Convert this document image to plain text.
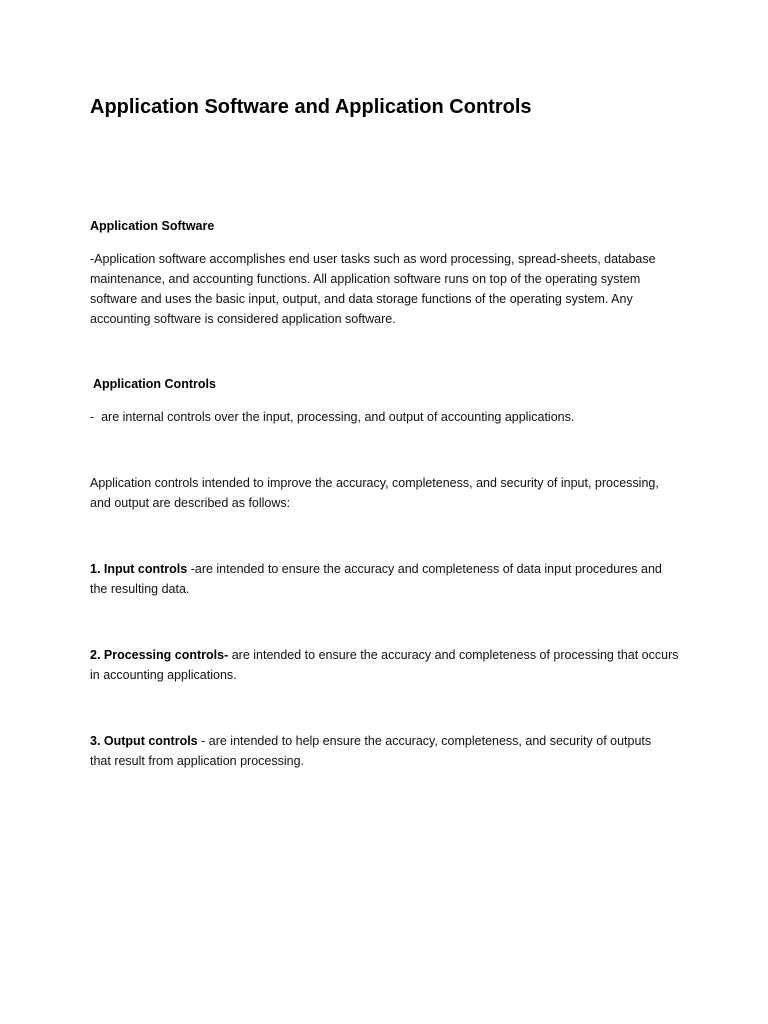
Application Software and Application Controls
Application Software
-Application software accomplishes end user tasks such as word processing, spread-sheets, database
maintenance, and accounting functions. All application software runs on top of the operating system
software and uses the basic input, output, and data storage functions of the operating system. Any
accounting software is considered application software.
Application Controls
-  are internal controls over the input, processing, and output of accounting applications.
Application controls intended to improve the accuracy, completeness, and security of input, processing,
and output are described as follows:
1. Input controls -are intended to ensure the accuracy and completeness of data input procedures and
the resulting data.
2. Processing controls- are intended to ensure the accuracy and completeness of processing that occurs
in accounting applications.
3. Output controls - are intended to help ensure the accuracy, completeness, and security of outputs
that result from application processing.
